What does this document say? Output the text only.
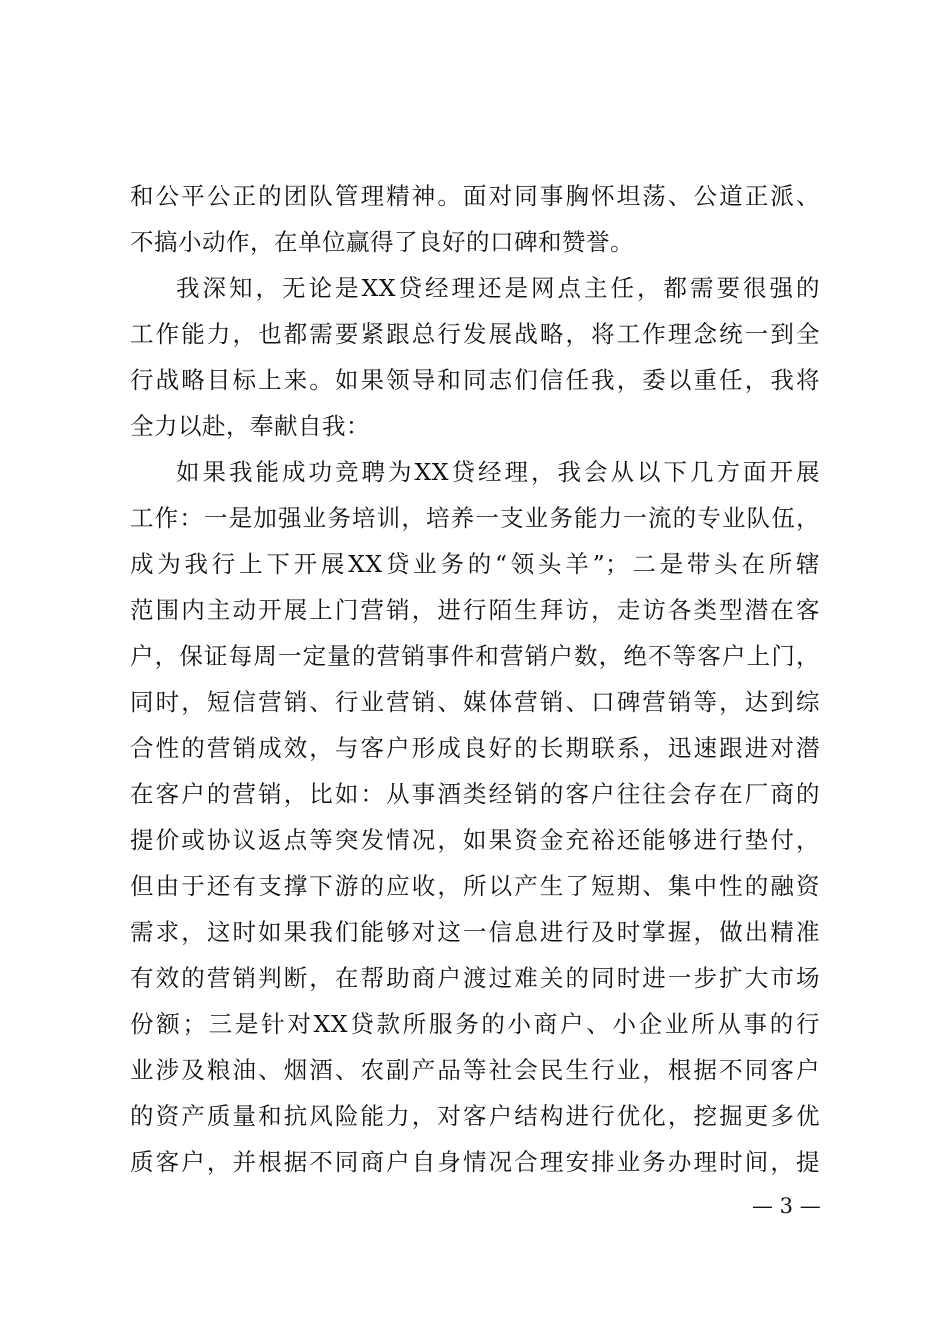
和公平公正的团队管理精神。面对同事胸怀坦荡、公道正派、
不搞小动作，在单位赢得了良好的口碑和赞誉。
我深知，无论是XX贷经理还是网点主任，都需要很强的
工作能力，也都需要紧跟总行发展战略，将工作理念统一到全
行战略目标上来。如果领导和同志们信任我，委以重任，我将
全力以赴，奉献自我：
如果我能成功竞聘为XX贷经理，我会从以下几方面开展
工作：一是加强业务培训，培养一支业务能力一流的专业队伍，
成为我行上下开展XX贷业务的“领头羊”；二是带头在所辖
范围内主动开展上门营销，进行陌生拜访，走访各类型潜在客
户，保证每周一定量的营销事件和营销户数，绝不等客户上门，
同时，短信营销、行业营销、媒体营销、口碑营销等，达到综
合性的营销成效，与客户形成良好的长期联系，迅速跟进对潜
在客户的营销，比如：从事酒类经销的客户往往会存在厂商的
提价或协议返点等突发情况，如果资金充裕还能够进行垫付，
但由于还有支撑下游的应收，所以产生了短期、集中性的融资
需求，这时如果我们能够对这一信息进行及时掌握，做出精准
有效的营销判断，在帮助商户渡过难关的同时进一步扩大市场
份额；三是针对XX贷款所服务的小商户、小企业所从事的行
业涉及粮油、烟酒、农副产品等社会民生行业，根据不同客户
的资产质量和抗风险能力，对客户结构进行优化，挖掘更多优
质客户，并根据不同商户自身情况合理安排业务办理时间，提
— 3 —
